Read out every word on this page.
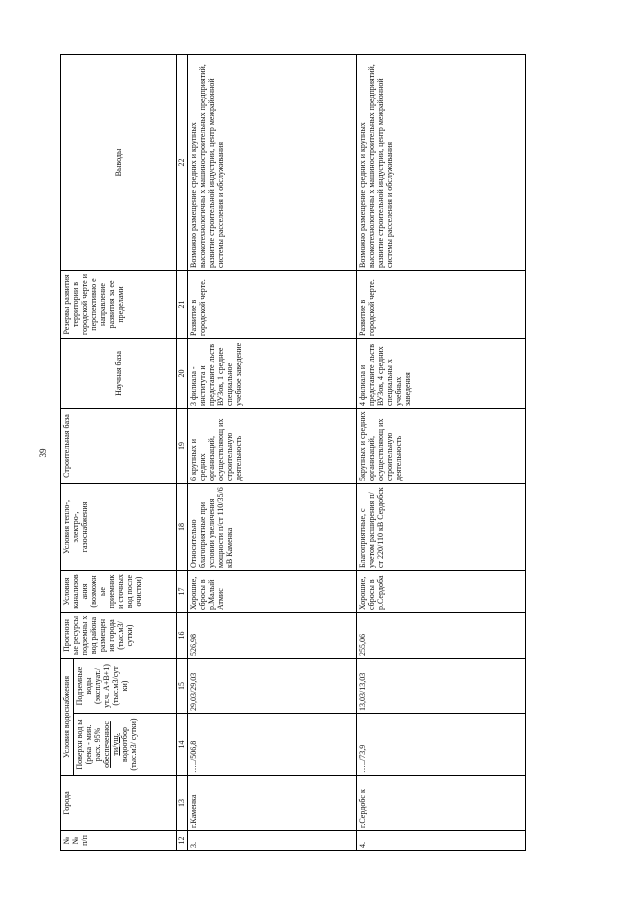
39
№ № п/п	Города	Условия водоснабжения		Прогнозн ые ресурсы подземны х вод района размещен ия города (тыс.м3/ сутки)	Условия канализов ания (возможн ые приемник и сточных вод после очистки)	Условия тепло-, электро-, газоснабжения	Строительная база	Научная база	Резервы развития территории в городской черте и перспективно е направление развития за ее пределами	Выводы
		Поверхн вод ы (река - мин. расх. 95% обеспеченнос ти/ущ. водоотбор (тыс.м3/ сутки)	Подземные воды (эксплуат./ ут.ч. А+В+1) (тыс.м3/сут ки)							
12	13	14	15	16	17	18	19	20	21	22
3.	г.Каменка	…../506,8	29,03/29,03	526,98	Хорошие, сбросы в р.Малый Атмис	Относительно благоприятные при условии увеличения мощности п/ст 110/35/6 кВ Каменка	6 крупных и средних организаций, осуществляющ их строительную деятельность	3 филиала - института и представите льств ВУЗов, 1 среднее специальное учебное заведение	Развитие в городской черте.	Возможно размещение средних и крупных высокотехнологичны х машиностроительных предприятий, развитие строительной индустрии, центр межрайонной системы расселения и обслуживания
4.	г.Сердобс к	…../73,9	13,03/13,03	255,06	Хорошие, сбросы в р.Сердоба	Благоприятные, с учетом расширения п/ст 220/110 кВ Сердобск	5крупных и средних организаций, осуществляющ их строительную деятельность	4 филиала и представите льств ВУЗов, 4 средних специальны х учебных заведения	Развитие в городской черте.	Возможно размещение средних и крупных высокотехнологичны х машиностроительных предприятий, развитие строительной индустрии, центр межрайонной системы расселения и обслуживания
